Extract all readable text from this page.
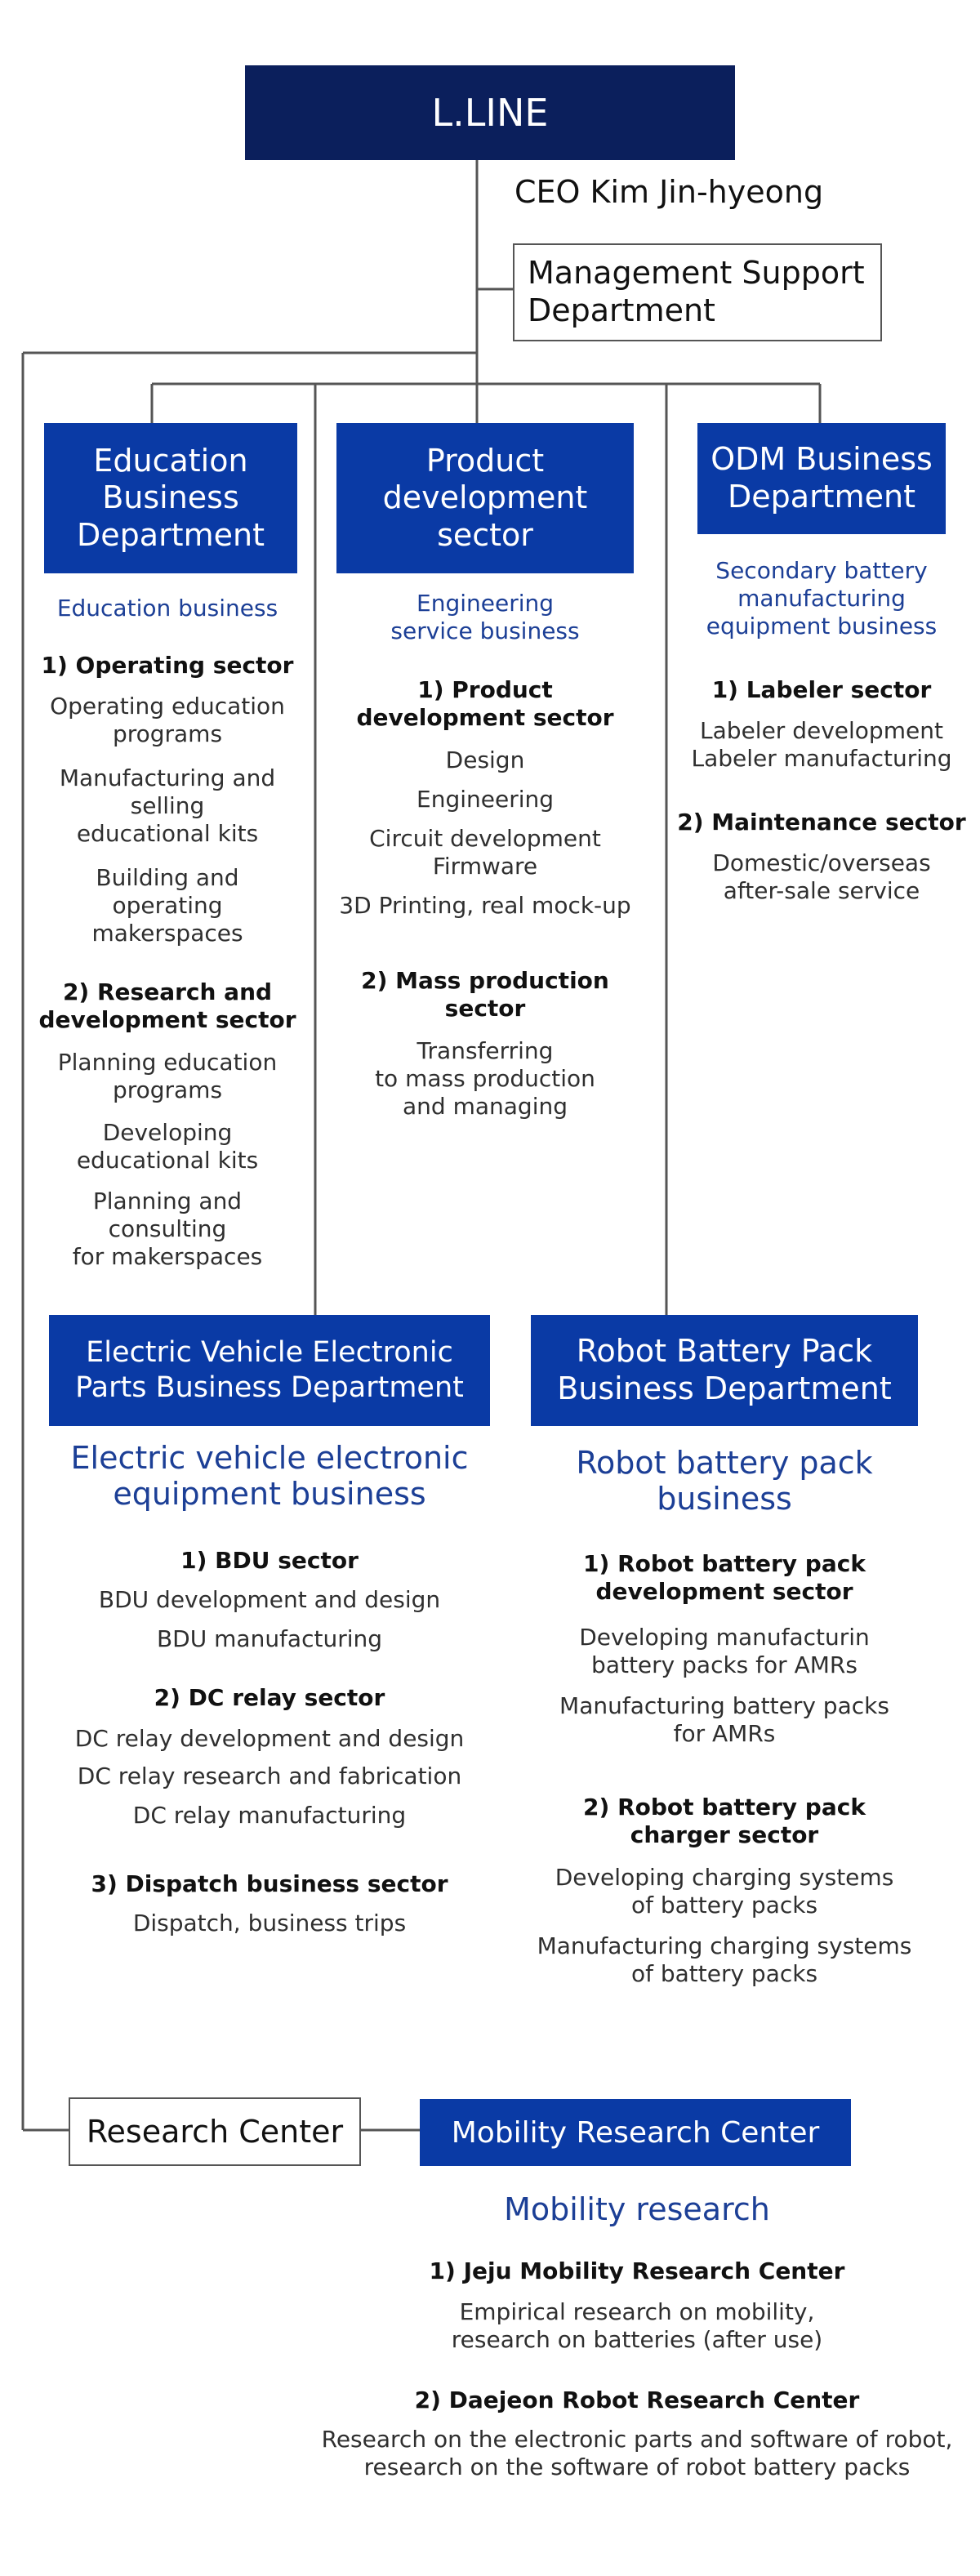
L.LINE
CEO Kim Jin-hyeong
Management Support
Department
Education
Business
Department
Education business
1) Operating sector
Operating education
programs
Manufacturing and
selling
educational kits
Building and
operating
makerspaces
2) Research and
development sector
Planning education
programs
Developing
educational kits
Planning and
consulting
for makerspaces
Product
development
sector
Engineering
service business
1) Product
development sector
Design
Engineering
Circuit development
Firmware
3D Printing, real mock-up
2) Mass production
sector
Transferring
to mass production
and managing
ODM Business
Department
Secondary battery
manufacturing
equipment business
1) Labeler sector
Labeler development
Labeler manufacturing
2) Maintenance sector
Domestic/overseas
after-sale service
Electric Vehicle Electronic
Parts Business Department
Electric vehicle electronic
equipment business
1) BDU sector
BDU development and design
BDU manufacturing
2) DC relay sector
DC relay development and design
DC relay research and fabrication
DC relay manufacturing
3) Dispatch business sector
Dispatch, business trips
Robot Battery Pack
Business Department
Robot battery pack
business
1) Robot battery pack
development sector
Developing manufacturin
battery packs for AMRs
Manufacturing battery packs
for AMRs
2) Robot battery pack
charger sector
Developing charging systems
of battery packs
Manufacturing charging systems
of battery packs
Research Center	Mobility Research Center
Mobility research
1) Jeju Mobility Research Center
Empirical research on mobility,
research on batteries (after use)
2) Daejeon Robot Research Center
Research on the electronic parts and software of robot,
research on the software of robot battery packs
